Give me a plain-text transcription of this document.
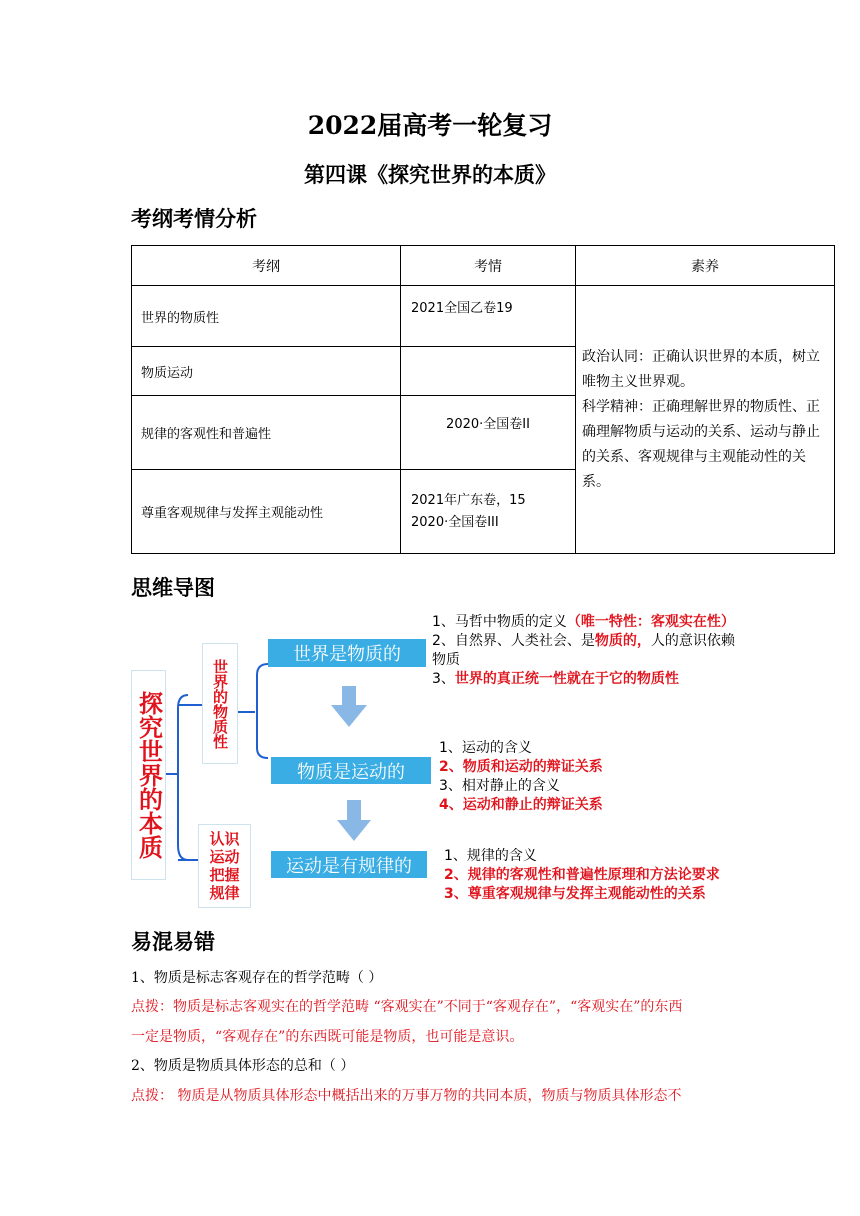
2022届高考一轮复习
第四课《探究世界的本质》
考纲考情分析
考纲	考情	素养
世界的物质性	2021全国乙卷19	政治认同：正确认识世界的本质，树立唯物主义世界观。
科学精神：正确理解世界的物质性、正确理解物质与运动的关系、运动与静止的关系、客观规律与主观能动性的关系。

物质运动		

规律的客观性和普遍性	2020·全国卷II	

尊重客观规律与发挥主观能动性	2021年广东卷，15
2020·全国卷III	
思维导图
探究世界的本质	世界的物质性
认识运动把握规律
世界是物质的
物质是运动的
运动是有规律的
1、马哲中物质的定义（唯一特性：客观实在性）
2、自然界、人类社会、是物质的，人的意识依赖
物质
3、世界的真正统一性就在于它的物质性
1、运动的含义
2、物质和运动的辩证关系
3、相对静止的含义
4、运动和静止的辩证关系
1、规律的含义
2、规律的客观性和普遍性原理和方法论要求
3、尊重客观规律与发挥主观能动性的关系
易混易错
1、物质是标志客观存在的哲学范畴（ ）
点拨：物质是标志客观实在的哲学范畴 “客观实在”不同于“客观存在”，“客观实在”的东西
一定是物质，“客观存在”的东西既可能是物质，也可能是意识。
2、物质是物质具体形态的总和（ ）
点拨： 物质是从物质具体形态中概括出来的万事万物的共同本质，物质与物质具体形态不
